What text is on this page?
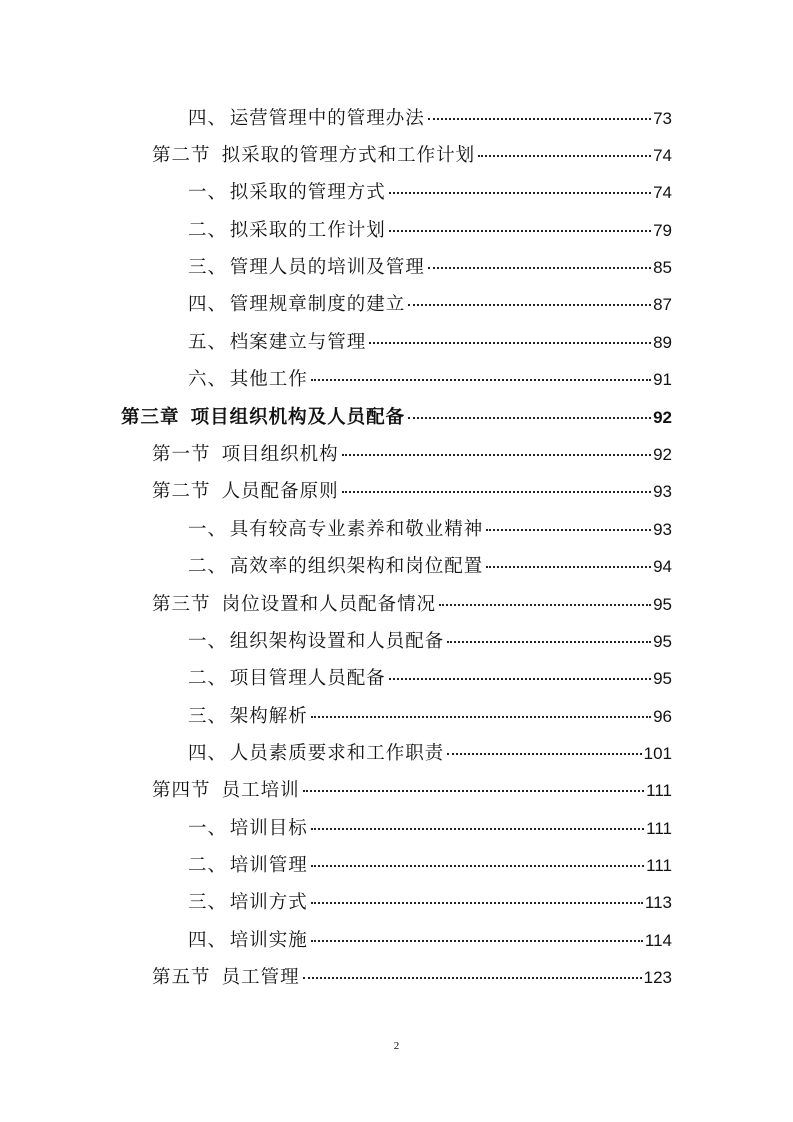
四、 运营管理中的管理办法	73
第二节 拟采取的管理方式和工作计划	74
一、 拟采取的管理方式	74
二、 拟采取的工作计划	79
三、 管理人员的培训及管理	85
四、 管理规章制度的建立	87
五、 档案建立与管理	89
六、 其他工作	91
第三章 项目组织机构及人员配备	92
第一节 项目组织机构	92
第二节 人员配备原则	93
一、 具有较高专业素养和敬业精神	93
二、 高效率的组织架构和岗位配置	94
第三节 岗位设置和人员配备情况	95
一、 组织架构设置和人员配备	95
二、 项目管理人员配备	95
三、 架构解析	96
四、 人员素质要求和工作职责	101
第四节 员工培训	111
一、 培训目标	111
二、 培训管理	111
三、 培训方式	113
四、 培训实施	114
第五节 员工管理	123
2
